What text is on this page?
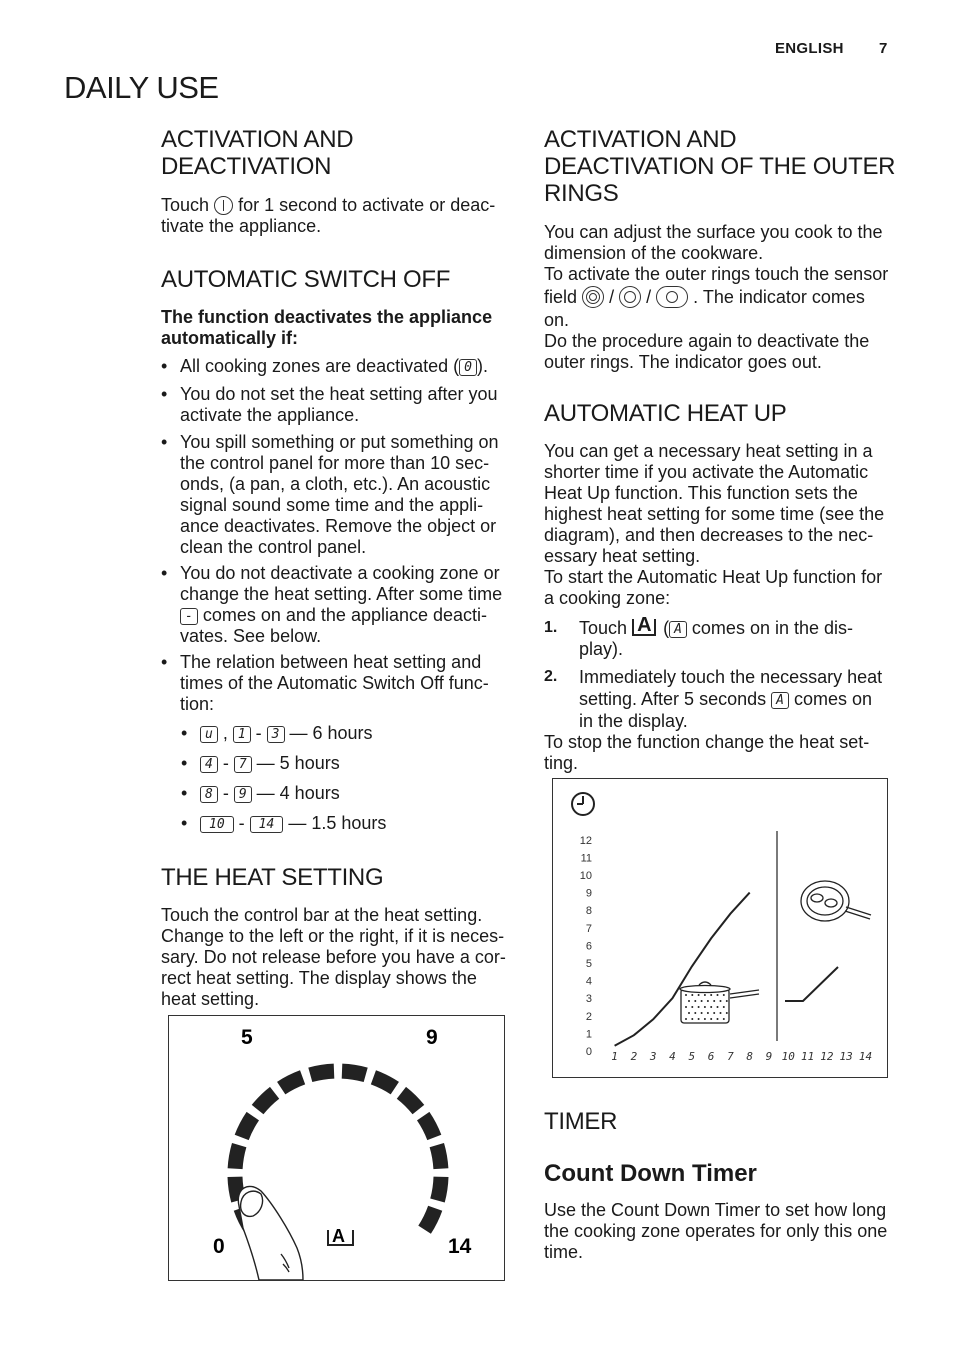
ENGLISH 7
DAILY USE
ACTIVATION AND
DEACTIVATION

Touch for 1 second to activate or deac-
tivate the appliance.

AUTOMATIC SWITCH OFF

The function deactivates the appliance
automatically if:

• All cooking zones are deactivated ( 0 ).
• You do not set the heat setting after you
activate the appliance.
• You spill something or put something on
the control panel for more than 10 sec-
onds, (a pan, a cloth, etc.). An acoustic
signal sound some time and the appli-
ance deactivates. Remove the object or
clean the control panel.
• You do not deactivate a cooking zone or
change the heat setting. After some time
- comes on and the appliance deacti-
vates. See below.
• The relation between heat setting and
times of the Automatic Switch Off func-
tion:
• u , 1 - 3 — 6 hours
• 4 - 7 — 5 hours
• 8 - 9 — 4 hours
• 10 - 14 — 1.5 hours
THE HEAT SETTING

Touch the control bar at the heat setting.
Change to the left or the right, if it is neces-
sary. Do not release before you have a cor-
rect heat setting. The display shows the
heat setting.

5	9
0	14
A
ACTIVATION AND
DEACTIVATION OF THE OUTER
RINGS

You can adjust the surface you cook to the
dimension of the cookware.
To activate the outer rings touch the sensor
field / / . The indicator comes
on.
Do the procedure again to deactivate the
outer rings. The indicator goes out.

AUTOMATIC HEAT UP

You can get a necessary heat setting in a
shorter time if you activate the Automatic
Heat Up function. This function sets the
highest heat setting for some time (see the
diagram), and then decreases to the nec-
essary heat setting.
To start the Automatic Heat Up function for
a cooking zone:

1. Touch A ( A comes on in the dis-
play).
2. Immediately touch the necessary heat
setting. After 5 seconds A comes on
in the display.

To stop the function change the heat set-
ting.

0
1
2
3
4
5
6
7
8
9
10
11
12
1 2 3 4 5 6 7 8 9 10 11 12 13 14
TIMER
Count Down Timer

Use the Count Down Timer to set how long
the cooking zone operates for only this one
time.
